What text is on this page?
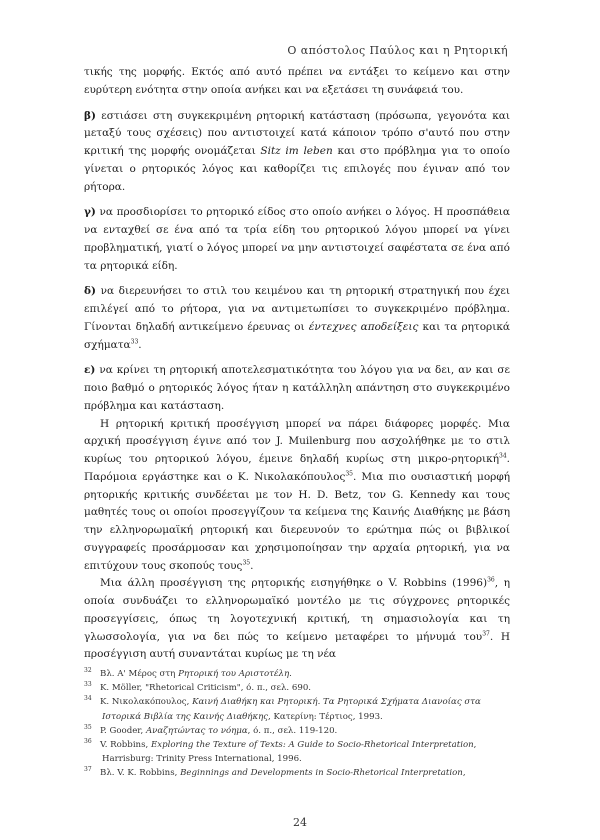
Ο απόστολος Παύλος και η Ρητορική

τικής της μορφής. Εκτός από αυτό πρέπει να εντάξει το κείμενο και στην ευρύτερη ενότητα στην οποία ανήκει και να εξετάσει τη συνάφειά του.

β) εστιάσει στη συγκεκριμένη ρητορική κατάσταση (πρόσωπα, γεγονότα και μεταξύ τους σχέσεις) που αντιστοιχεί κατά κάποιον τρόπο σ'αυτό που στην κριτική της μορφής ονομάζεται Sitz im leben και στο πρόβλημα για το οποίο γίνεται ο ρητορικός λόγος και καθορίζει τις επιλογές που έγιναν από τον ρήτορα.

γ) να προσδιορίσει το ρητορικό είδος στο οποίο ανήκει ο λόγος. Η προσπάθεια να ενταχθεί σε ένα από τα τρία είδη του ρητορικού λόγου μπορεί να γίνει προβληματική, γιατί ο λόγος μπορεί να μην αντιστοιχεί σαφέστατα σε ένα από τα ρητορικά είδη.

δ) να διερευνήσει το στιλ του κειμένου και τη ρητορική στρατηγική που έχει επιλέγεί από το ρήτορα, για να αντιμετωπίσει το συγκεκριμένο πρόβλημα. Γίνονται δηλαδή αντικείμενο έρευνας οι έντεχνες αποδείξεις και τα ρητορικά σχήματα$^{33}$.

ε) να κρίνει τη ρητορική αποτελεσματικότητα του λόγου για να δει, αν και σε ποιο βαθμό ο ρητορικός λόγος ήταν η κατάλληλη απάντηση στο συγκεκριμένο πρόβλημα και κατάσταση.

Η ρητορική κριτική προσέγγιση μπορεί να πάρει διάφορες μορφές. Μια αρχική προσέγγιση έγινε από τον J. Muilenburg που ασχολήθηκε με το στιλ κυρίως του ρητορικού λόγου, έμεινε δηλαδή κυρίως στη μικρο-ρητορική$^{34}$. Παρόμοια εργάστηκε και ο Κ. Νικολακόπουλος$^{35}$. Μια πιο ουσιαστική μορφή ρητορικής κριτικής συνδέεται με τον H. D. Betz, τον G. Kennedy και τους μαθητές τους οι οποίοι προσεγγίζουν τα κείμενα της Καινής Διαθήκης με βάση την ελληνορωμαϊκή ρητορική και διερευνούν το ερώτημα πώς οι βιβλικοί συγγραφείς προσάρμοσαν και χρησιμοποίησαν την αρχαία ρητορική, για να επιτύχουν τους σκοπούς τους$^{35}$.

Μια άλλη προσέγγιση της ρητορικής εισηγήθηκε ο V. Robbins $(1996)^{36}$, η οποία συνδυάζει το ελληνορωμαϊκό μοντέλο με τις σύγχρονες ρητορικές προσεγγίσεις, όπως τη λογοτεχνική κριτική, τη σημασιολογία και τη γλωσσολογία, για να δει πώς το κείμενο μεταφέρει το μήνυμά του$^{37}$. Η προσέγγιση αυτή συναντάται κυρίως με τη νέα

$^{32}$ Βλ. Α' Μέρος στη Ρητορική του Αριστοτέλη.

$^{33}$ K. Möller, "Rhetorical Criticism", ό. π., σελ. 690.

$^{34}$ Κ. Νικολακόπουλος, Καινή Διαθήκη και Ρητορική. Τα Ρητορικά Σχήματα Διανοίας στα Ιστορικά Βιβλία της Καινής Διαθήκης, Κατερίνη: Τέρτιος, 1993.

$^{35}$ P. Gooder, Αναζητώντας το νόημα, ό. π., σελ. 119-120.

$^{36}$ V. Robbins, Exploring the Texture of Texts: A Guide to Socio-Rhetorical Interpretation, Harrisburg: Trinity Press International, 1996.

$^{37}$ Βλ. V. K. Robbins, Beginnings and Developments in Socio-Rhetorical Interpretation,

24
